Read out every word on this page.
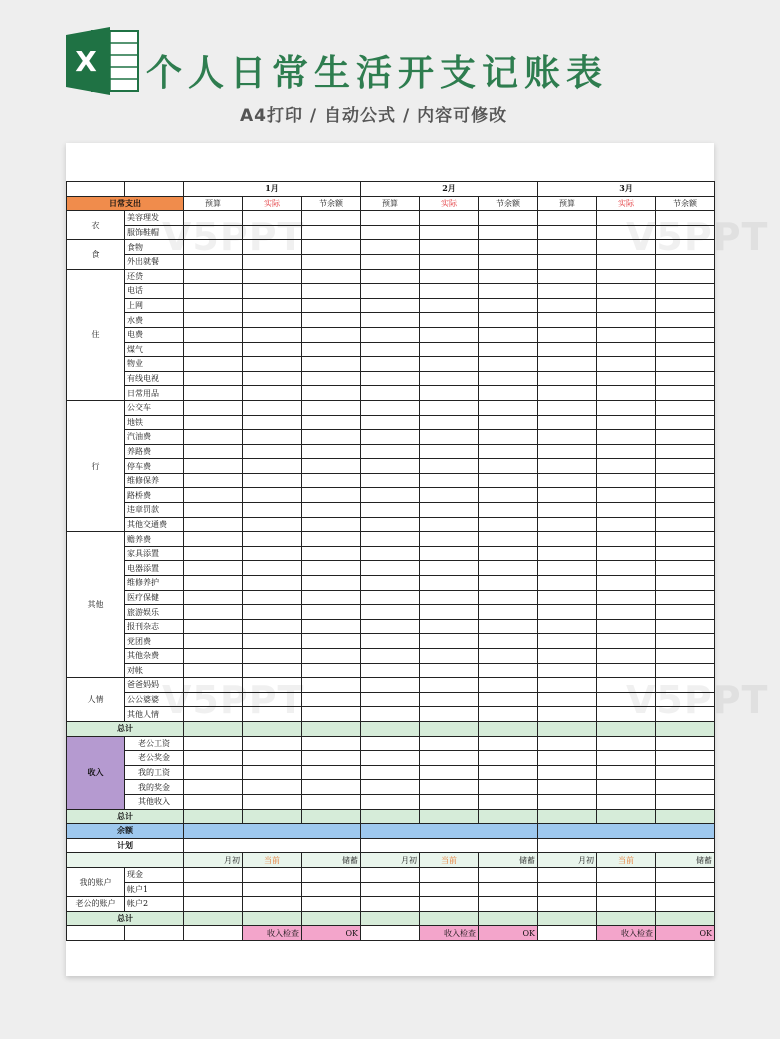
X 个人日常生活开支记账表
A4打印 / 自动公式 / 内容可修改
V5PPT	V5PPT
V5PPT	V5PPT
		1月			2月			3月		
日常支出		预算	实际	节余额	预算	实际	节余额	预算	实际	节余额
衣	美容理发									
	服饰鞋帽									
食	食物									
	外出就餐									
住	还贷									
	电话									
	上网									
	水费									
	电费									
	煤气									
	物业									
	有线电视									
	日常用品									
行	公交车									
	地铁									
	汽油费									
	养路费									
	停车费									
	维修保养									
	路桥费									
	违章罚款									
	其他交通费									
其他	赡养费									
	家具添置									
	电器添置									
	维修养护									
	医疗保健									
	旅游娱乐									
	报刊杂志									
	党团费									
	其他杂费									
	对帐									
人情	爸爸妈妈									
	公公婆婆									
	其他人情									
总计										
收入	老公工资									
	老公奖金									
	我的工资									
	我的奖金									
	其他收入									
总计										
余额										
计划										
		月初	当前	储蓄	月初	当前	储蓄	月初	当前	储蓄
我的账户	现金									
	帐户1									
老公的账户	帐户2									
总计										
			收入检查	OK		收入检查	OK		收入检查	OK
